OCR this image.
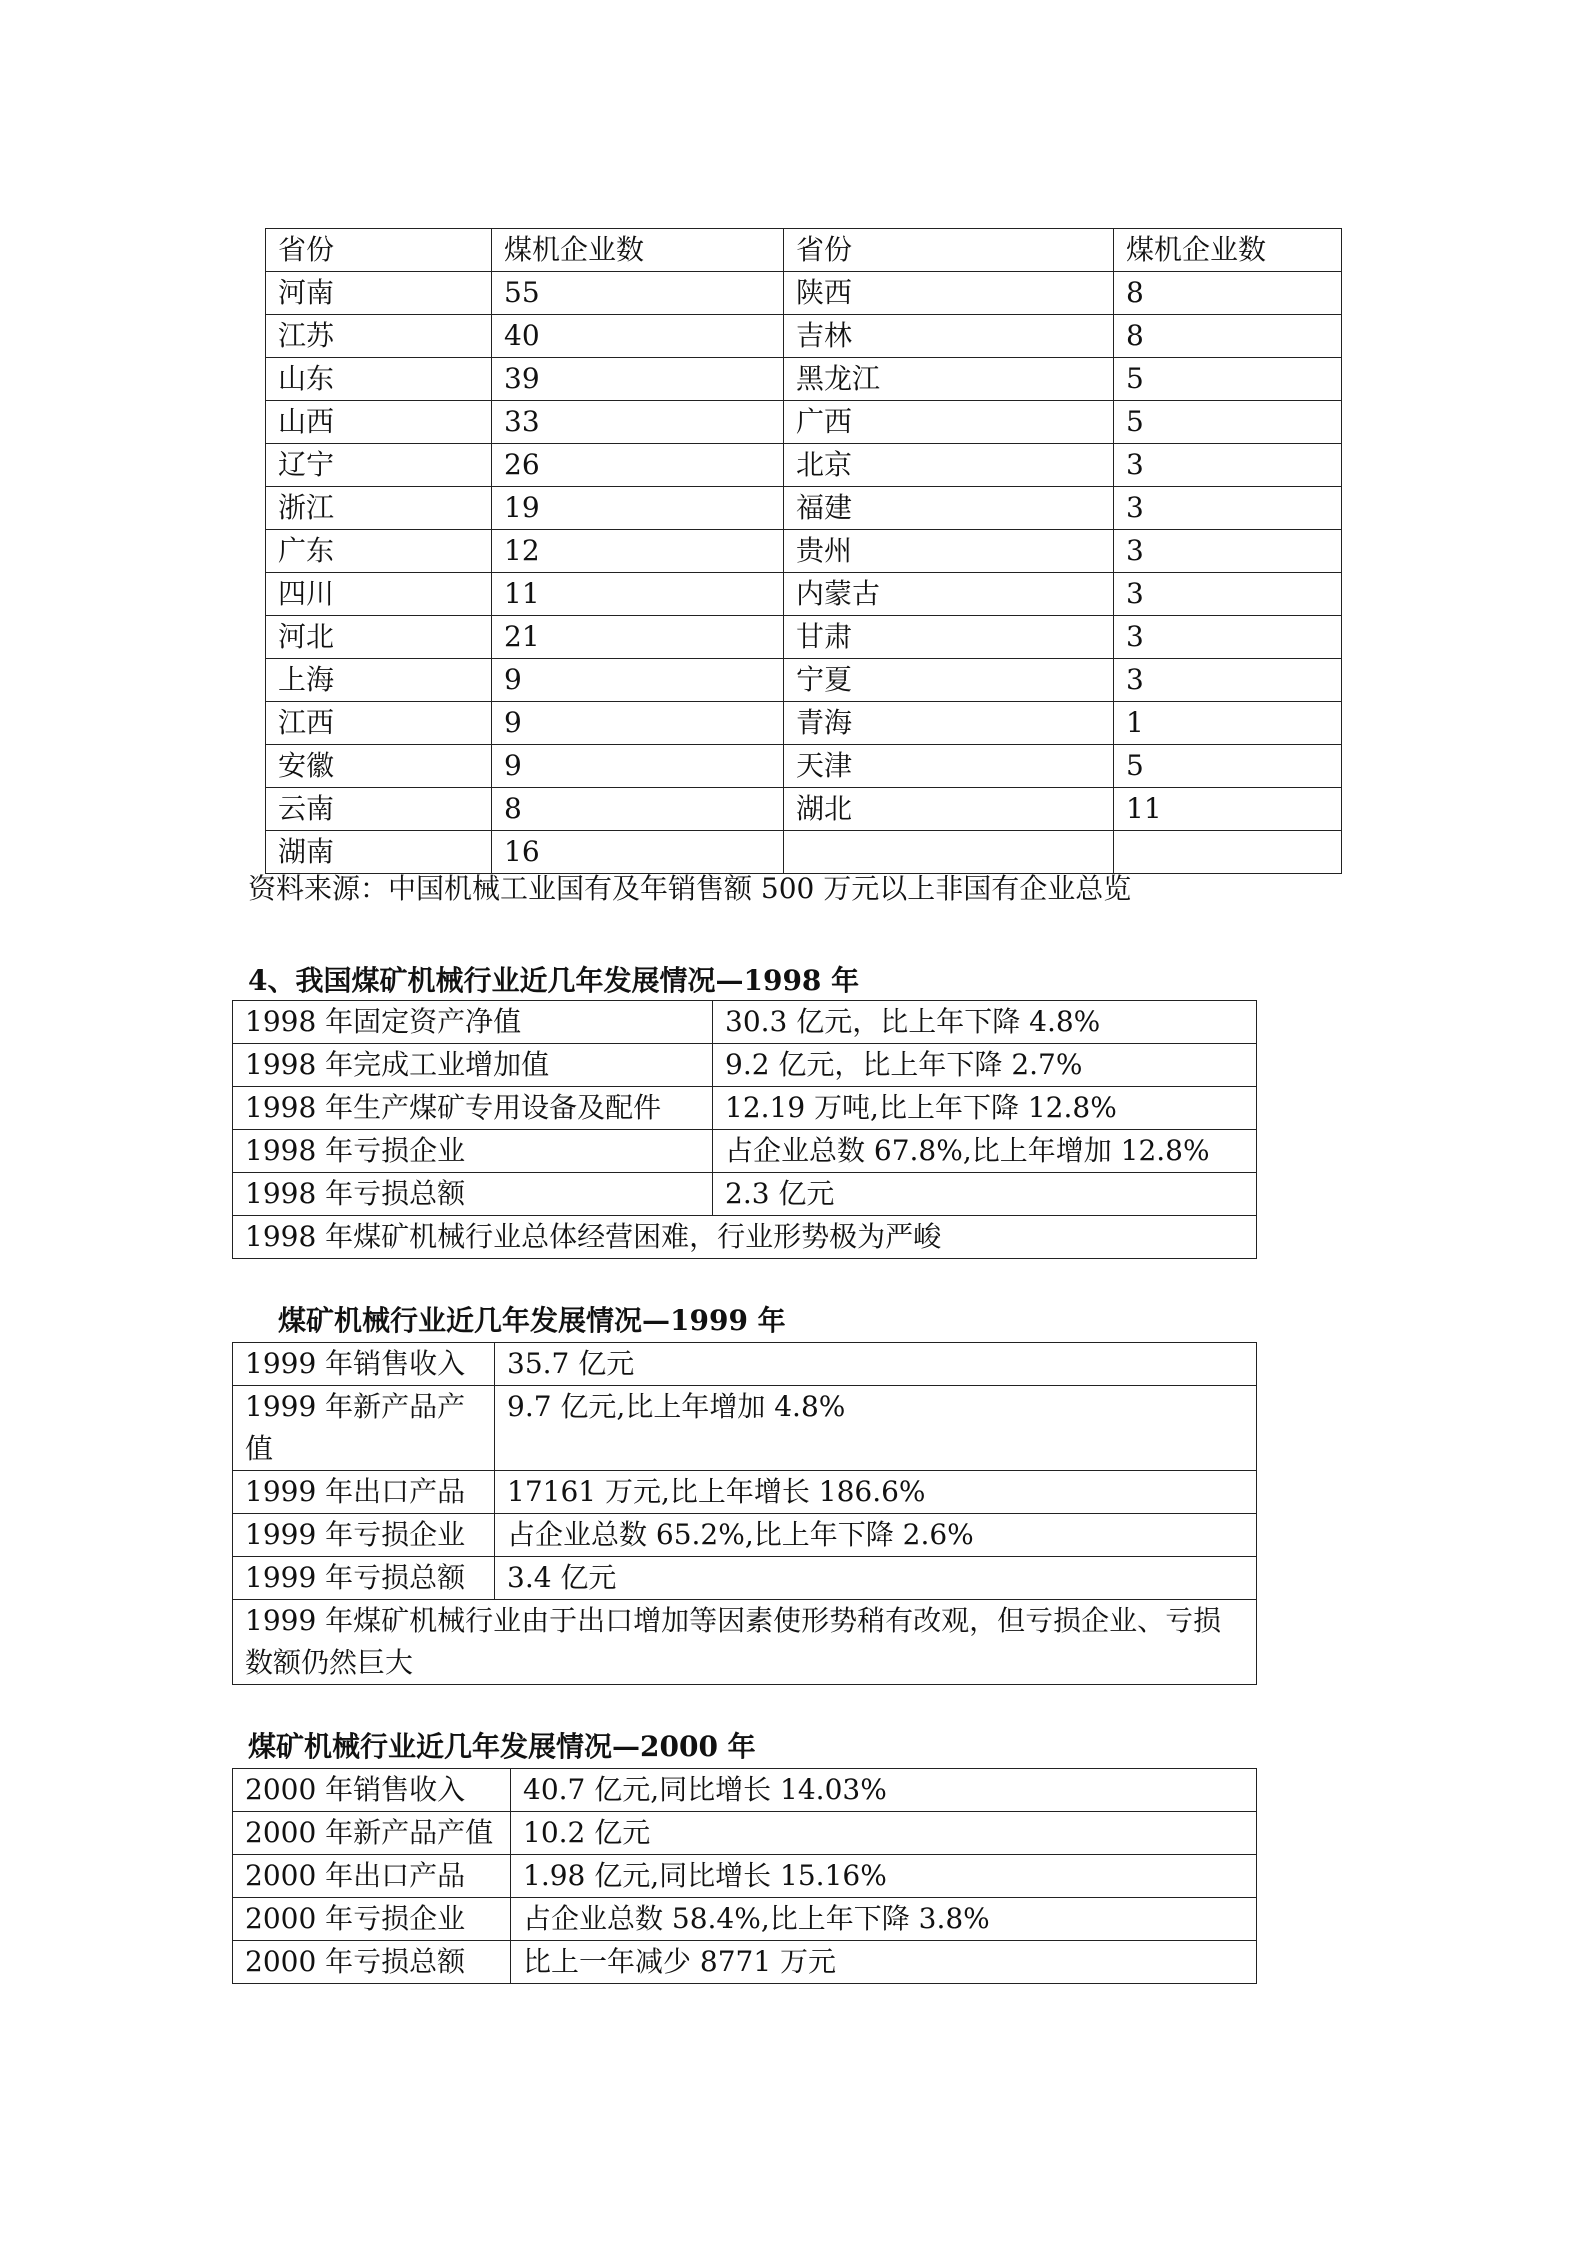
省份	煤机企业数	省份	煤机企业数
河南	55	陕西	8
江苏	40	吉林	8
山东	39	黑龙江	5
山西	33	广西	5
辽宁	26	北京	3
浙江	19	福建	3
广东	12	贵州	3
四川	11	内蒙古	3
河北	21	甘肃	3
上海	9	宁夏	3
江西	9	青海	1
安徽	9	天津	5
云南	8	湖北	11
湖南	16		
资料来源：中国机械工业国有及年销售额 500 万元以上非国有企业总览
4、我国煤矿机械行业近几年发展情况—1998 年
1998 年固定资产净值	30.3 亿元，比上年下降 4.8%
1998 年完成工业增加值	9.2 亿元，比上年下降 2.7%
1998 年生产煤矿专用设备及配件	12.19 万吨,比上年下降 12.8%
1998 年亏损企业	占企业总数 67.8%,比上年增加 12.8%
1998 年亏损总额	2.3 亿元
1998 年煤矿机械行业总体经营困难，行业形势极为严峻	
煤矿机械行业近几年发展情况—1999 年
1999 年销售收入	35.7 亿元
1999 年新产品产值	9.7 亿元,比上年增加 4.8%
1999 年出口产品	17161 万元,比上年增长 186.6%
1999 年亏损企业	占企业总数 65.2%,比上年下降 2.6%
1999 年亏损总额	3.4 亿元
1999 年煤矿机械行业由于出口增加等因素使形势稍有改观，但亏损企业、亏损数额仍然巨大	
煤矿机械行业近几年发展情况—2000 年
2000 年销售收入	40.7 亿元,同比增长 14.03%
2000 年新产品产值	10.2 亿元
2000 年出口产品	1.98 亿元,同比增长 15.16%
2000 年亏损企业	占企业总数 58.4%,比上年下降 3.8%
2000 年亏损总额	比上一年减少 8771 万元
